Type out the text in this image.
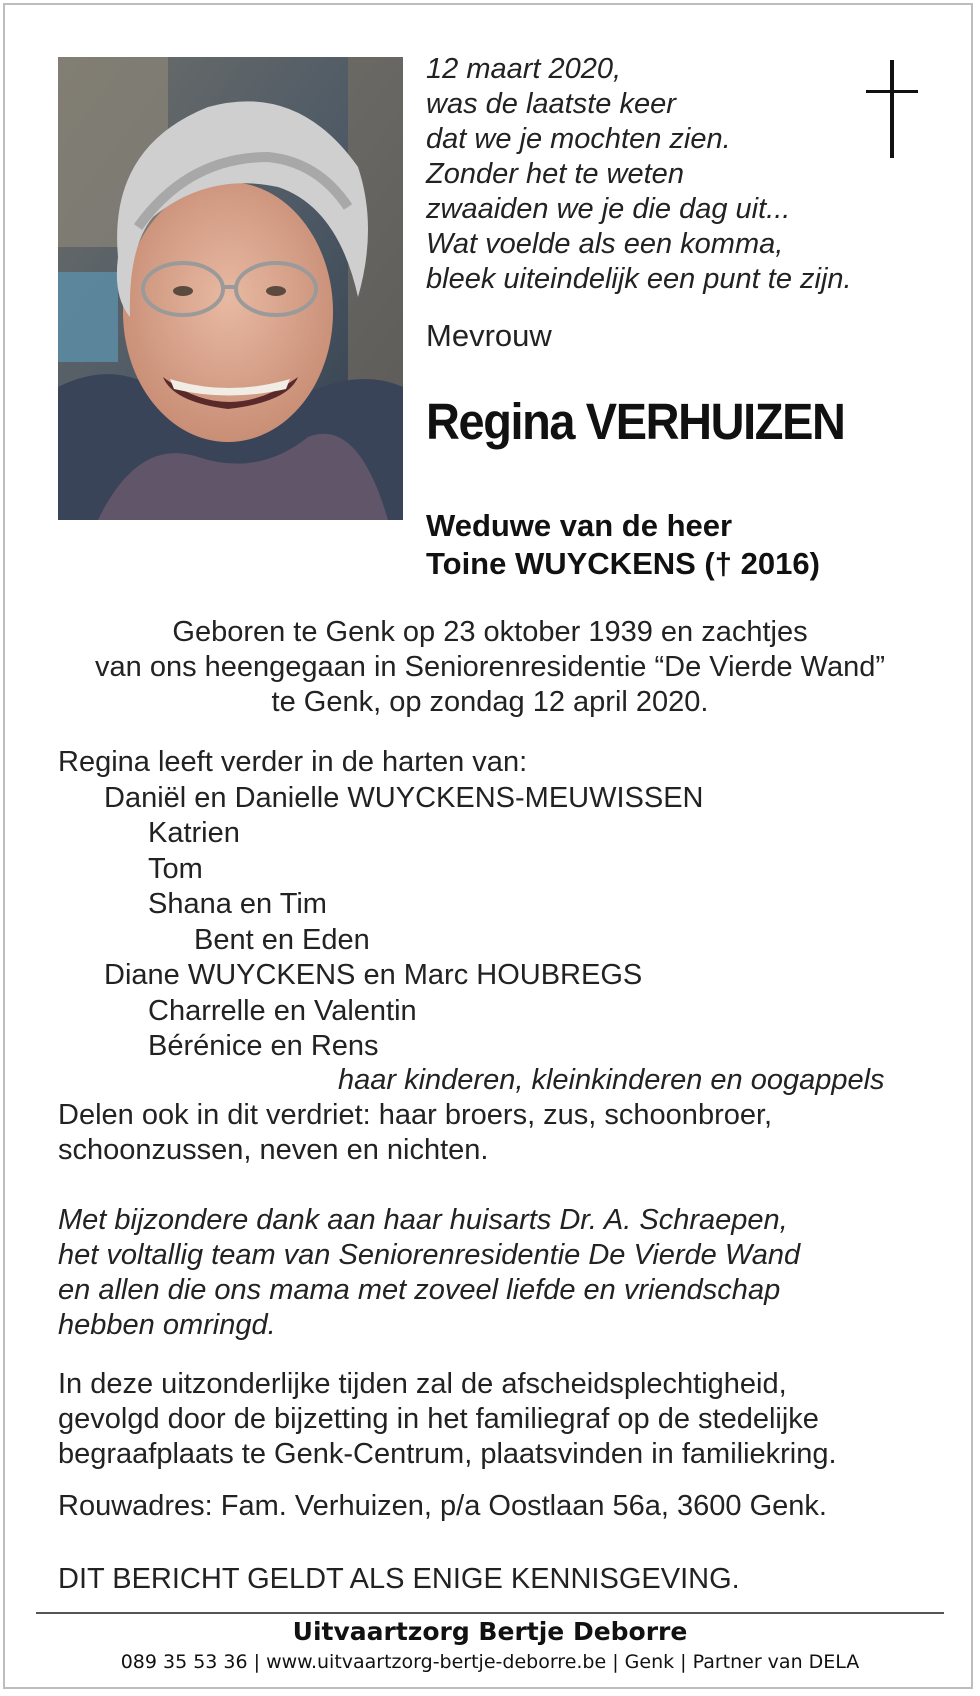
12 maart 2020,
was de laatste keer
dat we je mochten zien.
Zonder het te weten
zwaaiden we je die dag uit...
Wat voelde als een komma,
bleek uiteindelijk een punt te zijn.
Mevrouw
Regina VERHUIZEN
Weduwe van de heer
Toine WUYCKENS († 2016)
Geboren te Genk op 23 oktober 1939 en zachtjes
van ons heengegaan in Seniorenresidentie “De Vierde Wand”
te Genk, op zondag 12 april 2020.
Regina leeft verder in de harten van:
Daniël en Danielle WUYCKENS-MEUWISSEN
Katrien
Tom
Shana en Tim
Bent en Eden
Diane WUYCKENS en Marc HOUBREGS
Charrelle en Valentin
Bérénice en Rens
haar kinderen, kleinkinderen en oogappels
Delen ook in dit verdriet: haar broers, zus, schoonbroer,
schoonzussen, neven en nichten.
Met bijzondere dank aan haar huisarts Dr. A. Schraepen,
het voltallig team van Seniorenresidentie De Vierde Wand
en allen die ons mama met zoveel liefde en vriendschap
hebben omringd.
In deze uitzonderlijke tijden zal de afscheidsplechtigheid,
gevolgd door de bijzetting in het familiegraf op de stedelijke
begraafplaats te Genk-Centrum, plaatsvinden in familiekring.
Rouwadres: Fam. Verhuizen, p/a Oostlaan 56a, 3600 Genk.
DIT BERICHT GELDT ALS ENIGE KENNISGEVING.
Uitvaartzorg Bertje Deborre
089 35 53 36 | www.uitvaartzorg-bertje-deborre.be | Genk | Partner van DELA
